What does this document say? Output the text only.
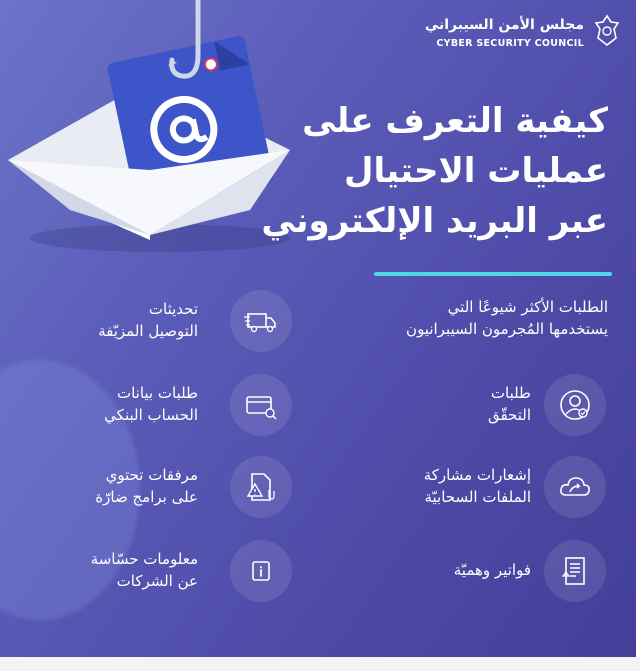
مجلس الأمن السيبراني
CYBER SECURITY COUNCIL
كيفية التعرف على
عمليات الاحتيال
عبر البريد الإلكتروني
الطلبات الأكثر شيوعًا التي
يستخدمها المُجرمون السيبرانيون
طلبات
التحقّق
إشعارات مشاركة
الملفات السحابيّة
فواتير وهميّة
تحديثات
التوصيل المزيّفة
طلبات بيانات
الحساب البنكي
مرفقات تحتوي
على برامج ضارّة
معلومات حسّاسة
عن الشركات
